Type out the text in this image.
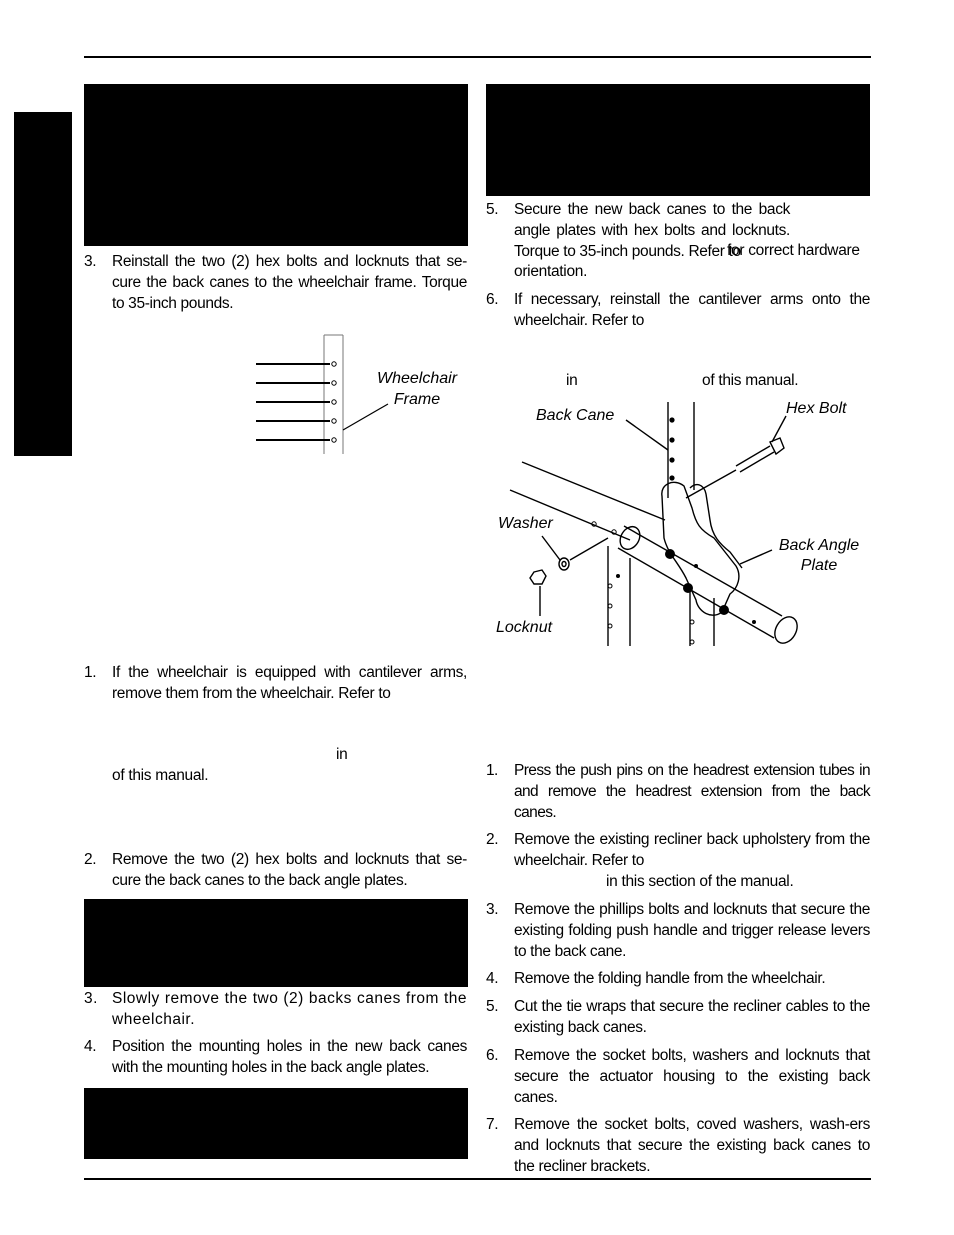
3. Reinstall the two (2) hex bolts and locknuts that se-cure the back canes to the wheelchair frame. Torque to 35-inch pounds.
Wheelchair Frame
1. If the wheelchair is equipped with cantilever arms, remove them from the wheelchair. Refer to
in
of this manual.
2. Remove the two (2) hex bolts and locknuts that se-cure the back canes to the back angle plates.
3. Slowly remove the two (2) backs canes from the wheelchair.
4. Position the mounting holes in the new back canes with the mounting holes in the back angle plates.
5. Secure the new back canes to the back angle plates with hex bolts and locknuts. Torque to 35-inch pounds. Refer to
for correct hardware
orientation.
6. If necessary, reinstall the cantilever arms onto the wheelchair. Refer to
in	of this manual.
Back Cane	Hex Bolt
Washer
Back Angle Plate
Locknut
1. Press the push pins on the headrest extension tubes in and remove the headrest extension from the back canes.
2. Remove the existing recliner back upholstery from the wheelchair. Refer to
in this section of the manual.
3. Remove the phillips bolts and locknuts that secure the existing folding push handle and trigger release levers to the back cane.
4. Remove the folding handle from the wheelchair.
5. Cut the tie wraps that secure the recliner cables to the existing back canes.
6. Remove the socket bolts, washers and locknuts that secure the actuator housing to the existing back canes.
7. Remove the socket bolts, coved washers, wash-ers and locknuts that secure the existing back canes to the recliner brackets.
